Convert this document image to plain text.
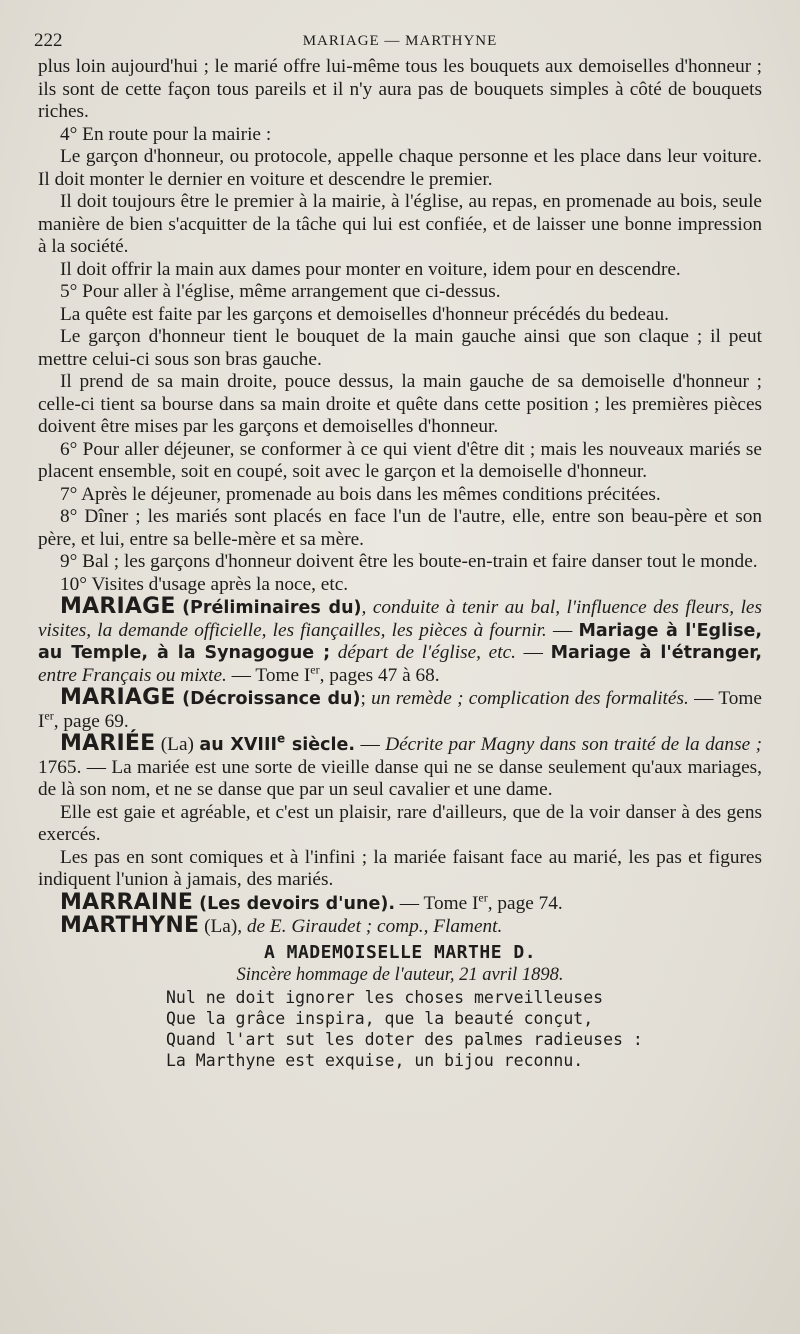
222	MARIAGE — MARTHYNE

plus loin aujourd'hui ; le marié offre lui-même tous les bouquets aux demoiselles d'honneur ; ils sont de cette façon tous pareils et il n'y aura pas de bouquets simples à côté de bouquets riches.

4° En route pour la mairie :

Le garçon d'honneur, ou protocole, appelle chaque personne et les place dans leur voiture. Il doit monter le dernier en voiture et descendre le premier.

Il doit toujours être le premier à la mairie, à l'église, au repas, en promenade au bois, seule manière de bien s'acquitter de la tâche qui lui est confiée, et de laisser une bonne impression à la société.

Il doit offrir la main aux dames pour monter en voiture, idem pour en descendre.

5° Pour aller à l'église, même arrangement que ci-dessus.

La quête est faite par les garçons et demoiselles d'honneur précédés du bedeau.

Le garçon d'honneur tient le bouquet de la main gauche ainsi que son claque ; il peut mettre celui-ci sous son bras gauche.

Il prend de sa main droite, pouce dessus, la main gauche de sa demoiselle d'honneur ; celle-ci tient sa bourse dans sa main droite et quête dans cette position ; les premières pièces doivent être mises par les garçons et demoiselles d'honneur.

6° Pour aller déjeuner, se conformer à ce qui vient d'être dit ; mais les nouveaux mariés se placent ensemble, soit en coupé, soit avec le garçon et la demoiselle d'honneur.

7° Après le déjeuner, promenade au bois dans les mêmes conditions précitées.

8° Dîner ; les mariés sont placés en face l'un de l'autre, elle, entre son beau-père et son père, et lui, entre sa belle-mère et sa mère.

9° Bal ; les garçons d'honneur doivent être les boute-en-train et faire danser tout le monde.

10° Visites d'usage après la noce, etc.

MARIAGE (Préliminaires du), conduite à tenir au bal, l'influence des fleurs, les visites, la demande officielle, les fiançailles, les pièces à fournir. — Mariage à l'Eglise, au Temple, à la Synagogue ; départ de l'église, etc. — Mariage à l'étranger, entre Français ou mixte. — Tome Ier, pages 47 à 68.

MARIAGE (Décroissance du); un remède ; complication des formalités. — Tome Ier, page 69.

MARIÉE (La) au XVIIIe siècle. — Décrite par Magny dans son traité de la danse ; 1765. — La mariée est une sorte de vieille danse qui ne se danse seulement qu'aux mariages, de là son nom, et ne se danse que par un seul cavalier et une dame.

Elle est gaie et agréable, et c'est un plaisir, rare d'ailleurs, que de la voir danser à des gens exercés.

Les pas en sont comiques et à l'infini ; la mariée faisant face au marié, les pas et figures indiquent l'union à jamais, des mariés.

MARRAINE (Les devoirs d'une). — Tome Ier, page 74.

MARTHYNE (La), de E. Giraudet ; comp., Flament.

A MADEMOISELLE MARTHE D.

Sincère hommage de l'auteur, 21 avril 1898.

Nul ne doit ignorer les choses merveilleuses
Que la grâce inspira, que la beauté conçut,
Quand l'art sut les doter des palmes radieuses :
La Marthyne est exquise, un bijou reconnu.
